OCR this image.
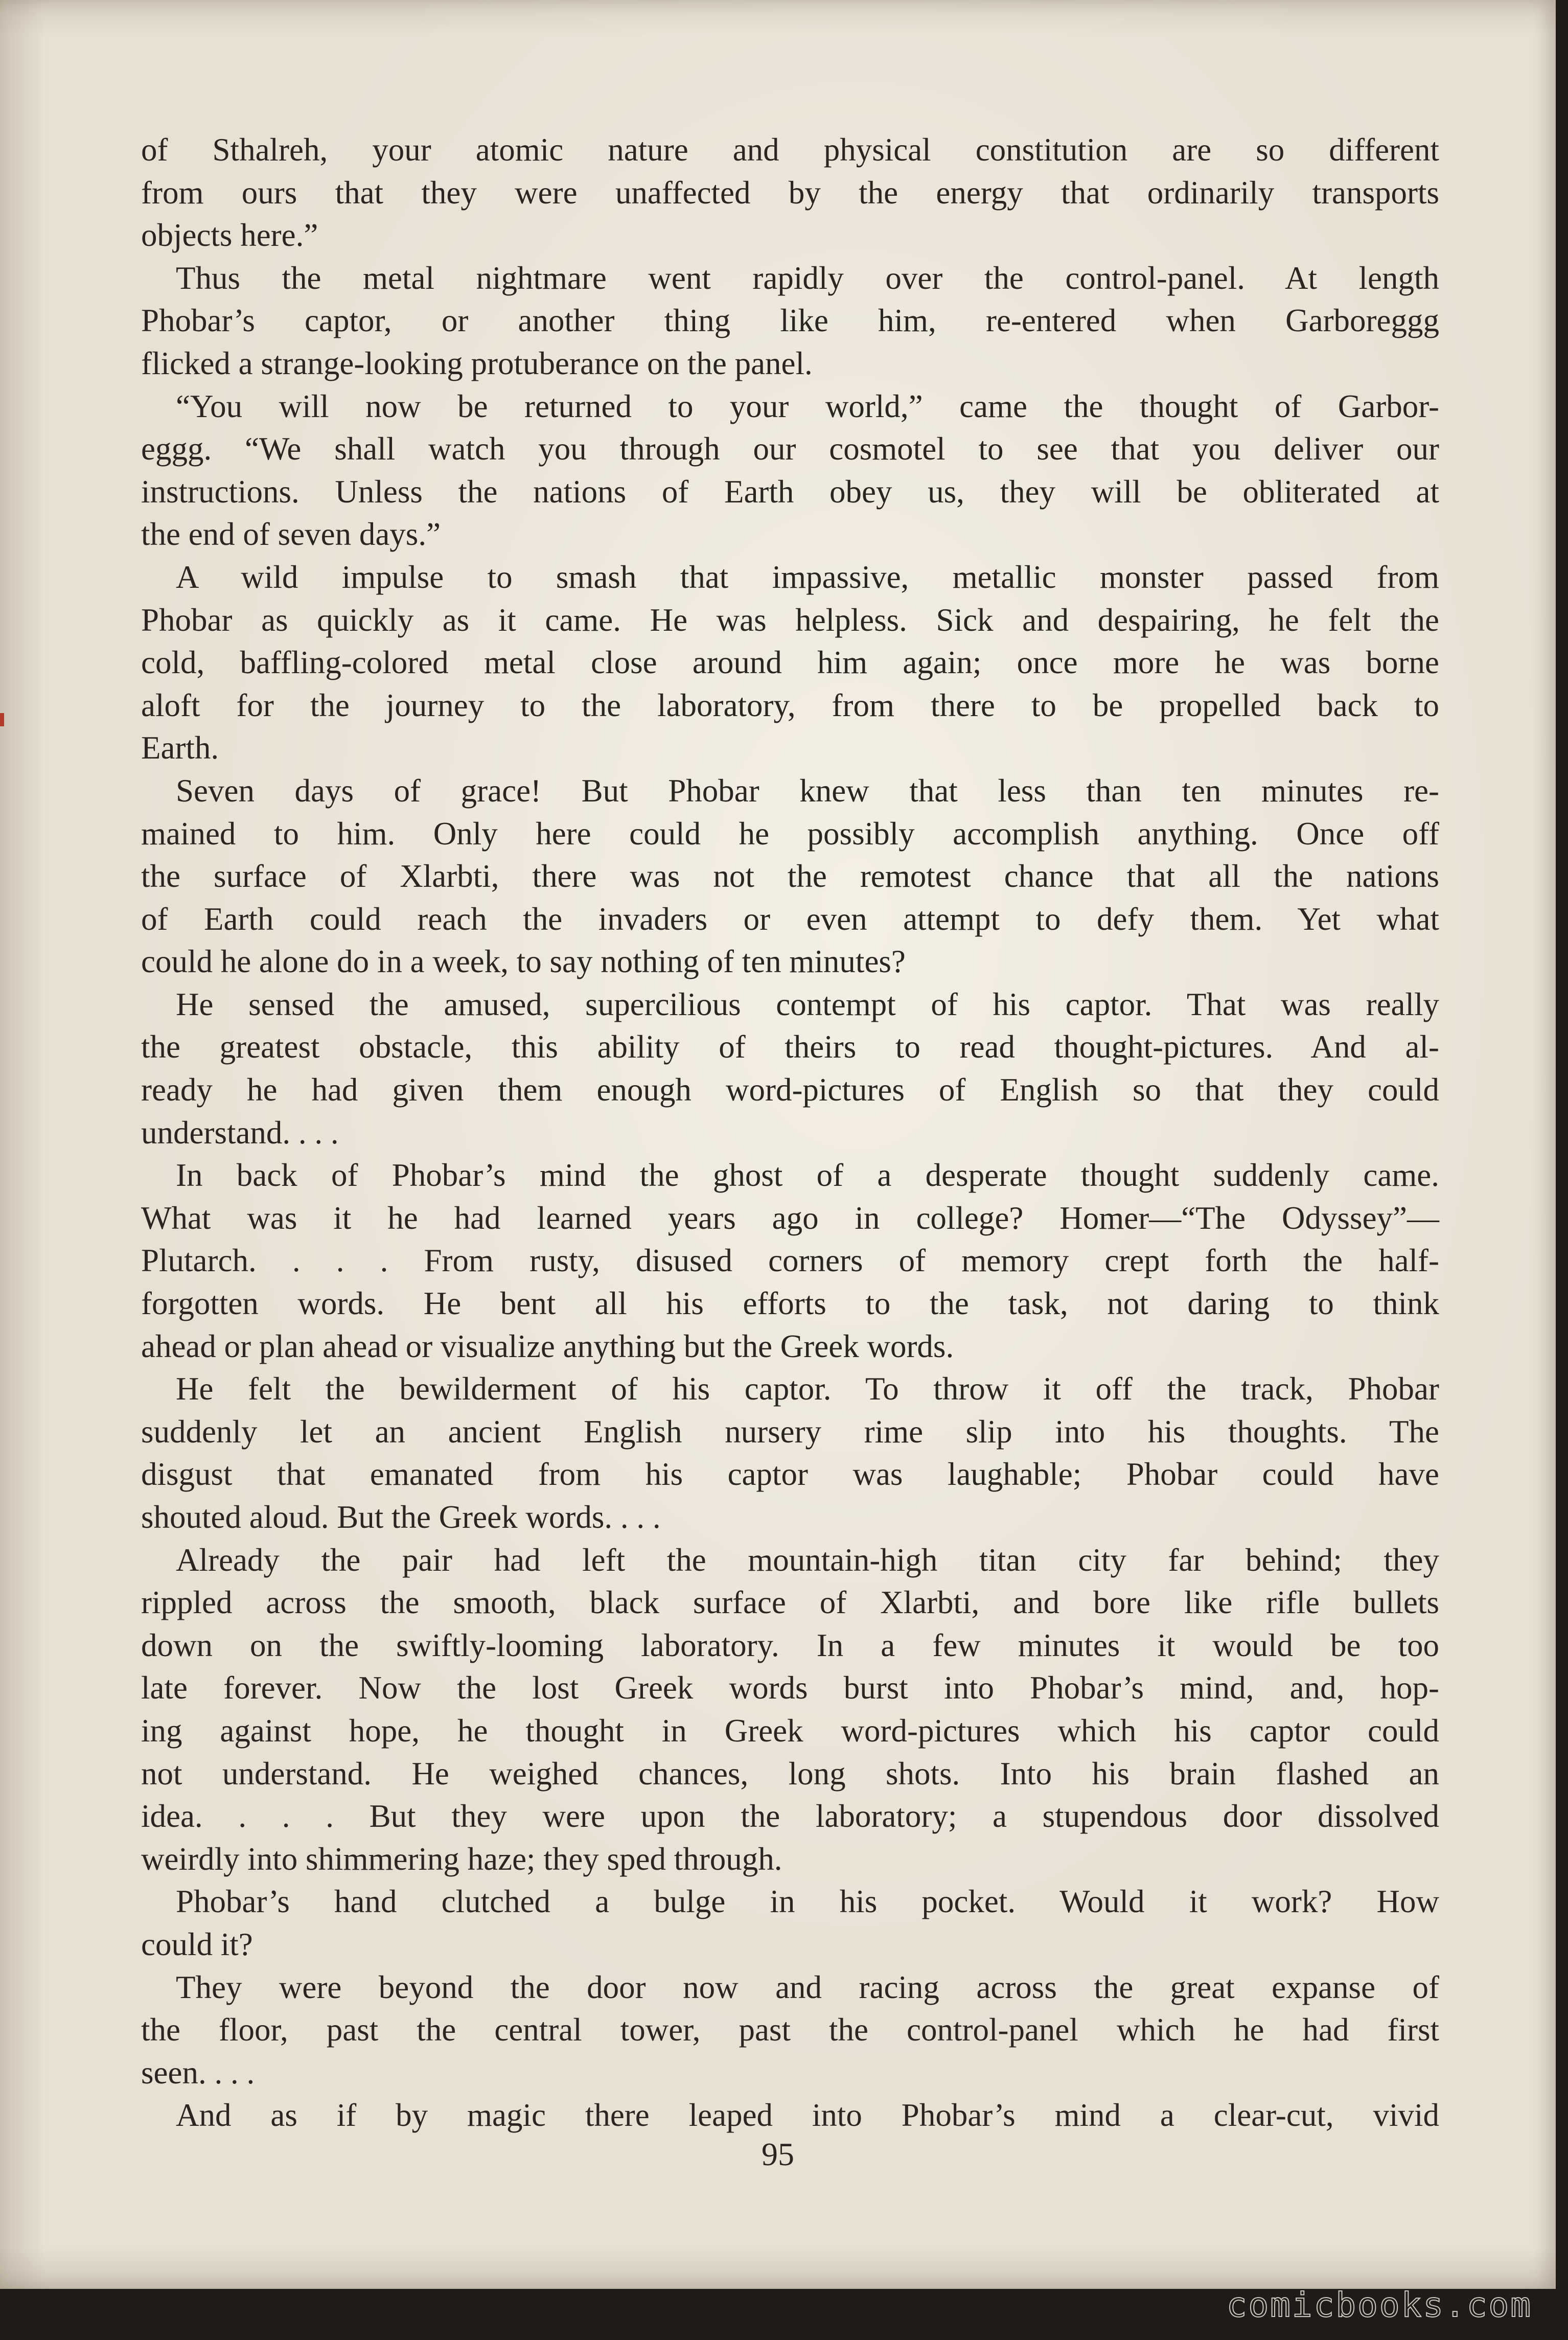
of Sthalreh, your atomic nature and physical constitution are so different
from ours that they were unaffected by the energy that ordinarily transports
objects here.”
Thus the metal nightmare went rapidly over the control-panel. At length
Phobar’s captor, or another thing like him, re-entered when Garboreggg
flicked a strange-looking protuberance on the panel.
“You will now be returned to your world,” came the thought of Garbor-
eggg. “We shall watch you through our cosmotel to see that you deliver our
instructions. Unless the nations of Earth obey us, they will be obliterated at
the end of seven days.”
A wild impulse to smash that impassive, metallic monster passed from
Phobar as quickly as it came. He was helpless. Sick and despairing, he felt the
cold, baffling-colored metal close around him again; once more he was borne
aloft for the journey to the laboratory, from there to be propelled back to
Earth.
Seven days of grace! But Phobar knew that less than ten minutes re-
mained to him. Only here could he possibly accomplish anything. Once off
the surface of Xlarbti, there was not the remotest chance that all the nations
of Earth could reach the invaders or even attempt to defy them. Yet what
could he alone do in a week, to say nothing of ten minutes?
He sensed the amused, supercilious contempt of his captor. That was really
the greatest obstacle, this ability of theirs to read thought-pictures. And al-
ready he had given them enough word-pictures of English so that they could
understand. . . .
In back of Phobar’s mind the ghost of a desperate thought suddenly came.
What was it he had learned years ago in college? Homer—“The Odyssey”—
Plutarch. . . . From rusty, disused corners of memory crept forth the half-
forgotten words. He bent all his efforts to the task, not daring to think
ahead or plan ahead or visualize anything but the Greek words.
He felt the bewilderment of his captor. To throw it off the track, Phobar
suddenly let an ancient English nursery rime slip into his thoughts. The
disgust that emanated from his captor was laughable; Phobar could have
shouted aloud. But the Greek words. . . .
Already the pair had left the mountain-high titan city far behind; they
rippled across the smooth, black surface of Xlarbti, and bore like rifle bullets
down on the swiftly-looming laboratory. In a few minutes it would be too
late forever. Now the lost Greek words burst into Phobar’s mind, and, hop-
ing against hope, he thought in Greek word-pictures which his captor could
not understand. He weighed chances, long shots. Into his brain flashed an
idea. . . . But they were upon the laboratory; a stupendous door dissolved
weirdly into shimmering haze; they sped through.
Phobar’s hand clutched a bulge in his pocket. Would it work? How
could it?
They were beyond the door now and racing across the great expanse of
the floor, past the central tower, past the control-panel which he had first
seen. . . .
And as if by magic there leaped into Phobar’s mind a clear-cut, vivid

95

comicbooks.com
